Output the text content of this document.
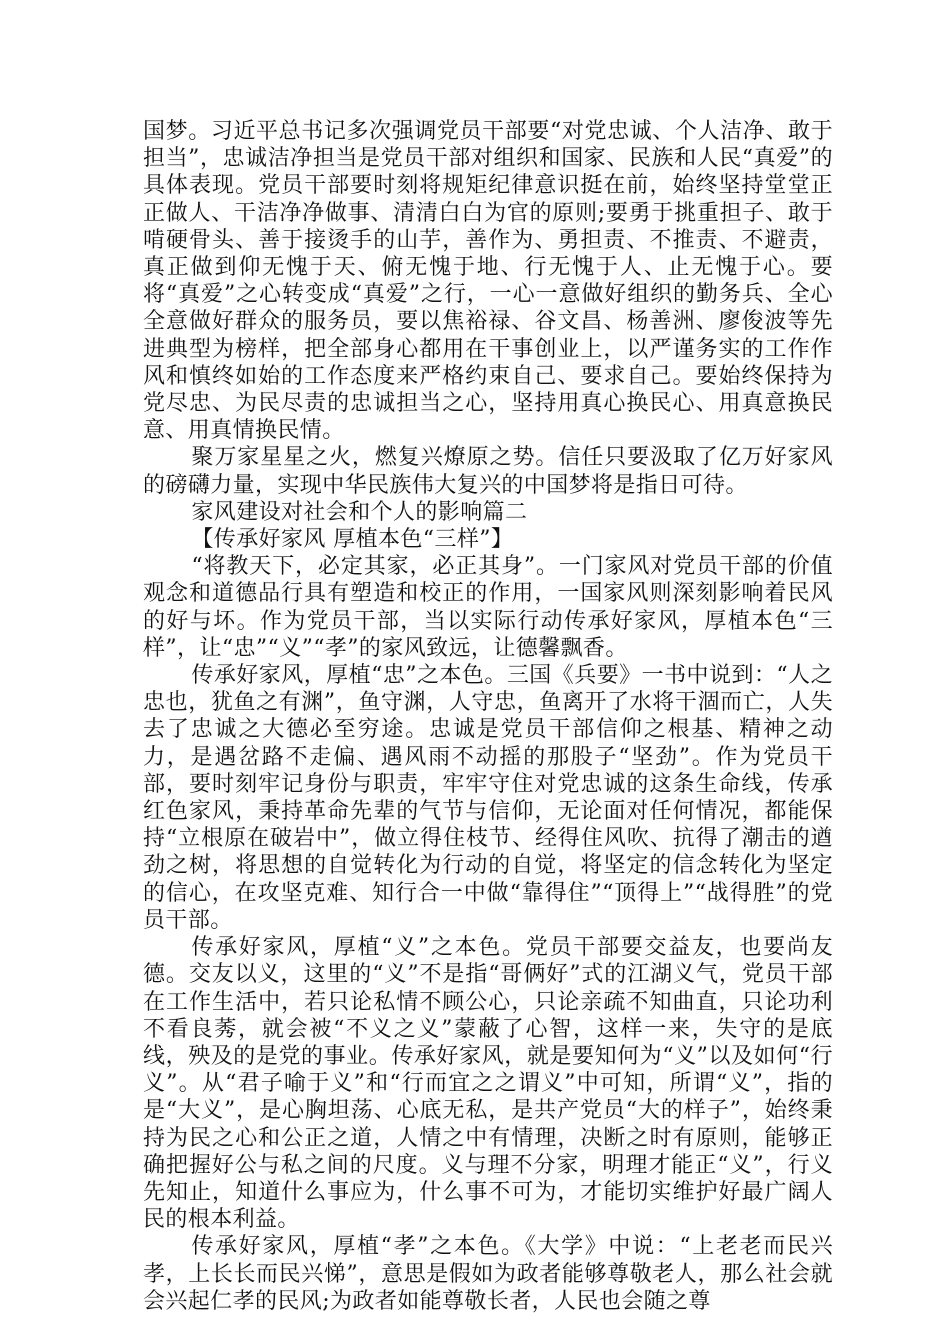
国梦。习近平总书记多次强调党员干部要“对党忠诚、个人洁净、敢于担当”，忠诚洁净担当是党员干部对组织和国家、民族和人民“真爱”的具体表现。党员干部要时刻将规矩纪律意识挺在前，始终坚持堂堂正正做人、干洁净净做事、清清白白为官的原则;要勇于挑重担子、敢于啃硬骨头、善于接烫手的山芋，善作为、勇担责、不推责、不避责，真正做到仰无愧于天、俯无愧于地、行无愧于人、止无愧于心。要将“真爱”之心转变成“真爱”之行，一心一意做好组织的勤务兵、全心全意做好群众的服务员，要以焦裕禄、谷文昌、杨善洲、廖俊波等先进典型为榜样，把全部身心都用在干事创业上，以严谨务实的工作作风和慎终如始的工作态度来严格约束自己、要求自己。要始终保持为党尽忠、为民尽责的忠诚担当之心，坚持用真心换民心、用真意换民意、用真情换民情。

聚万家星星之火，燃复兴燎原之势。信任只要汲取了亿万好家风的磅礴力量，实现中华民族伟大复兴的中国梦将是指日可待。

家风建设对社会和个人的影响篇二

【传承好家风 厚植本色“三样”】

“将教天下，必定其家，必正其身”。一门家风对党员干部的价值观念和道德品行具有塑造和校正的作用，一国家风则深刻影响着民风的好与坏。作为党员干部，当以实际行动传承好家风，厚植本色“三样”，让“忠”“义”“孝”的家风致远，让德馨飘香。

传承好家风，厚植“忠”之本色。三国《兵要》一书中说到：“人之忠也，犹鱼之有渊”，鱼守渊，人守忠，鱼离开了水将干涸而亡，人失去了忠诚之大德必至穷途。忠诚是党员干部信仰之根基、精神之动力，是遇岔路不走偏、遇风雨不动摇的那股子“坚劲”。作为党员干部，要时刻牢记身份与职责，牢牢守住对党忠诚的这条生命线，传承红色家风，秉持革命先辈的气节与信仰，无论面对任何情况，都能保持“立根原在破岩中”，做立得住枝节、经得住风吹、抗得了潮击的遒劲之树，将思想的自觉转化为行动的自觉，将坚定的信念转化为坚定的信心，在攻坚克难、知行合一中做“靠得住”“顶得上”“战得胜”的党员干部。

传承好家风，厚植“义”之本色。党员干部要交益友，也要尚友德。交友以义，这里的“义”不是指“哥俩好”式的江湖义气，党员干部在工作生活中，若只论私情不顾公心，只论亲疏不知曲直，只论功利不看良莠，就会被“不义之义”蒙蔽了心智，这样一来，失守的是底线，殃及的是党的事业。传承好家风，就是要知何为“义”以及如何“行义”。从“君子喻于义”和“行而宜之之谓义”中可知，所谓“义”，指的是“大义”，是心胸坦荡、心底无私，是共产党员“大的样子”，始终秉持为民之心和公正之道，人情之中有情理，决断之时有原则，能够正确把握好公与私之间的尺度。义与理不分家，明理才能正“义”，行义先知止，知道什么事应为，什么事不可为，才能切实维护好最广阔人民的根本利益。

传承好家风，厚植“孝”之本色。《大学》中说：“上老老而民兴孝，上长长而民兴悌”，意思是假如为政者能够尊敬老人，那么社会就会兴起仁孝的民风;为政者如能尊敬长者，人民也会随之尊
